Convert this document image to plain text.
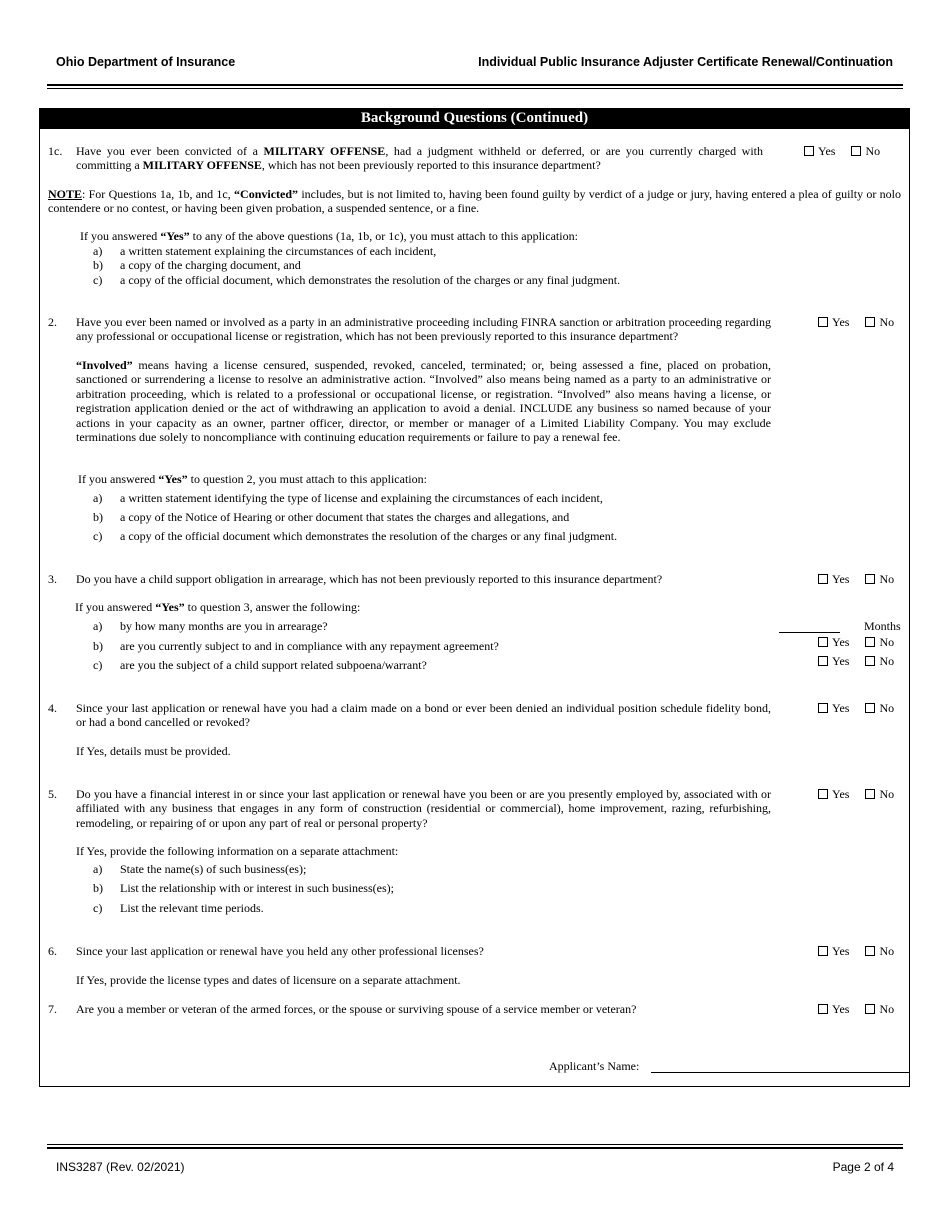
Ohio Department of Insurance	Individual Public Insurance Adjuster Certificate Renewal/Continuation
Background Questions (Continued)
1c. Have you ever been convicted of a MILITARY OFFENSE, had a judgment withheld or deferred, or are you currently charged with committing a MILITARY OFFENSE, which has not been previously reported to this insurance department?
Yes	No
NOTE: For Questions 1a, 1b, and 1c, “Convicted” includes, but is not limited to, having been found guilty by verdict of a judge or jury, having entered a plea of guilty or nolo contendere or no contest, or having been given probation, a suspended sentence, or a fine.
If you answered “Yes” to any of the above questions (1a, 1b, or 1c), you must attach to this application:
a) a written statement explaining the circumstances of each incident,
b) a copy of the charging document, and
c) a copy of the official document, which demonstrates the resolution of the charges or any final judgment.
2. Have you ever been named or involved as a party in an administrative proceeding including FINRA sanction or arbitration proceeding regarding any professional or occupational license or registration, which has not been previously reported to this insurance department?
Yes	No
“Involved” means having a license censured, suspended, revoked, canceled, terminated; or, being assessed a fine, placed on probation, sanctioned or surrendering a license to resolve an administrative action. “Involved” also means being named as a party to an administrative or arbitration proceeding, which is related to a professional or occupational license, or registration. “Involved” also means having a license, or registration application denied or the act of withdrawing an application to avoid a denial. INCLUDE any business so named because of your actions in your capacity as an owner, partner officer, director, or member or manager of a Limited Liability Company. You may exclude terminations due solely to noncompliance with continuing education requirements or failure to pay a renewal fee.
If you answered “Yes” to question 2, you must attach to this application:
a) a written statement identifying the type of license and explaining the circumstances of each incident,
b) a copy of the Notice of Hearing or other document that states the charges and allegations, and
c) a copy of the official document which demonstrates the resolution of the charges or any final judgment.
3. Do you have a child support obligation in arrearage, which has not been previously reported to this insurance department?	Yes	No
If you answered “Yes” to question 3, answer the following:
a) by how many months are you in arrearage?	Months
b) are you currently subject to and in compliance with any repayment agreement?	Yes	No
c) are you the subject of a child support related subpoena/warrant?	Yes	No
4. Since your last application or renewal have you had a claim made on a bond or ever been denied an individual position schedule fidelity bond, or had a bond cancelled or revoked?
Yes	No
If Yes, details must be provided.
5. Do you have a financial interest in or since your last application or renewal have you been or are you presently employed by, associated with or affiliated with any business that engages in any form of construction (residential or commercial), home improvement, razing, refurbishing, remodeling, or repairing of or upon any part of real or personal property?
Yes	No
If Yes, provide the following information on a separate attachment:
a) State the name(s) of such business(es);
b) List the relationship with or interest in such business(es);
c) List the relevant time periods.
6. Since your last application or renewal have you held any other professional licenses?	Yes	No
If Yes, provide the license types and dates of licensure on a separate attachment.
7. Are you a member or veteran of the armed forces, or the spouse or surviving spouse of a service member or veteran?	Yes	No
Applicant’s Name:
INS3287 (Rev. 02/2021)	Page 2 of 4
